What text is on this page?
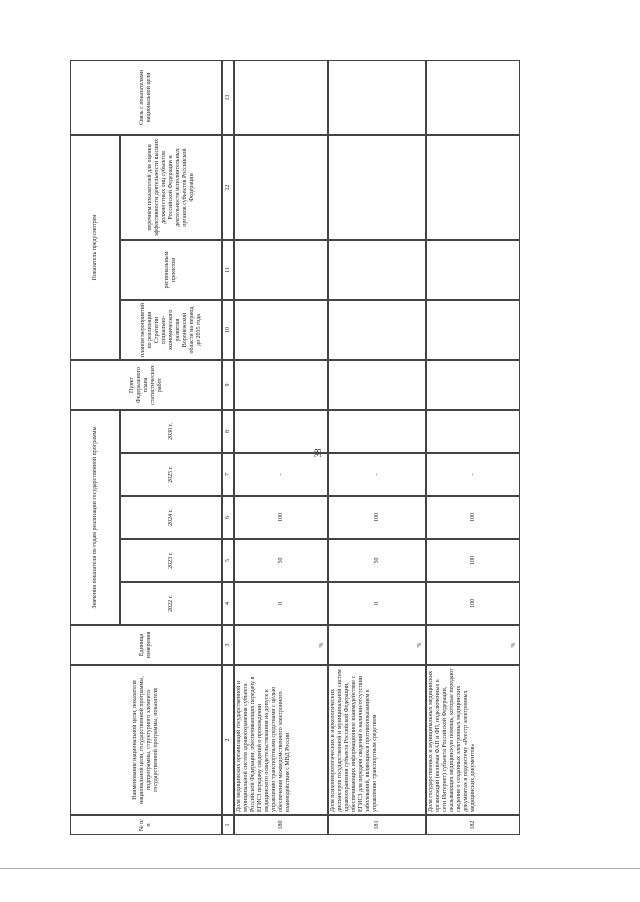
38
№ п/п
Наименование национальной цели, показателя национальной цели, государственной программы, подпрограммы, структурного элемента государственной программы, показателя
Единица измерения
Значения показателя по годам реализации государственной программы	2022 г.
2023 г.
2024 г.
2025 г.
2030 г.
Пункт Федерального плана статистических работ
Показатель предусмотрен
планом мероприятий по реализации Стратегии социально-экономического развития Воронежской области на период до 2035 года
региональным проектом
перечнем показателей для оценки эффективности деятельности высших должностных лиц субъектов Российской Федерации и деятельности исполнительных органов субъектов Российской Федерации
Связь с показателями национальной цели
1
2
3
4
5
6
7
8
9
10
11
12
13
180
Доля медицинских организаций государственной и муниципальной систем здравоохранения субъекта Российской Федерации, обеспечивающих передачу в ЕГИСЗ передачу сведений о прохождении медицинского освидетельствования на допуск к управлению транспортными средствами с целью обеспечения межведомственного электронного взаимодействия с МВД России
%
0
50
100
-
181
Доля психоневрологических и наркологических диспансеров государственной и муниципальной систем здравоохранения субъекта Российской Федерации, обеспечивающих информационное взаимодействие с ЕГИСЗ для передачи сведений о наличии/отсутствии заболеваний, являющихся противопоказанием к управлению транспортным средством
%
0
50
100
-
182
Доля государственных и муниципальных медицинских организаций (включая ФАП и ФП, подключенных к сети Интернет) субъекта Российской Федерации, оказывающих медицинскую помощь, которые передают сведения о созданных электронных медицинских документах в подсистему «Реестр электронных медицинских документов»
%
100
100
100
-
